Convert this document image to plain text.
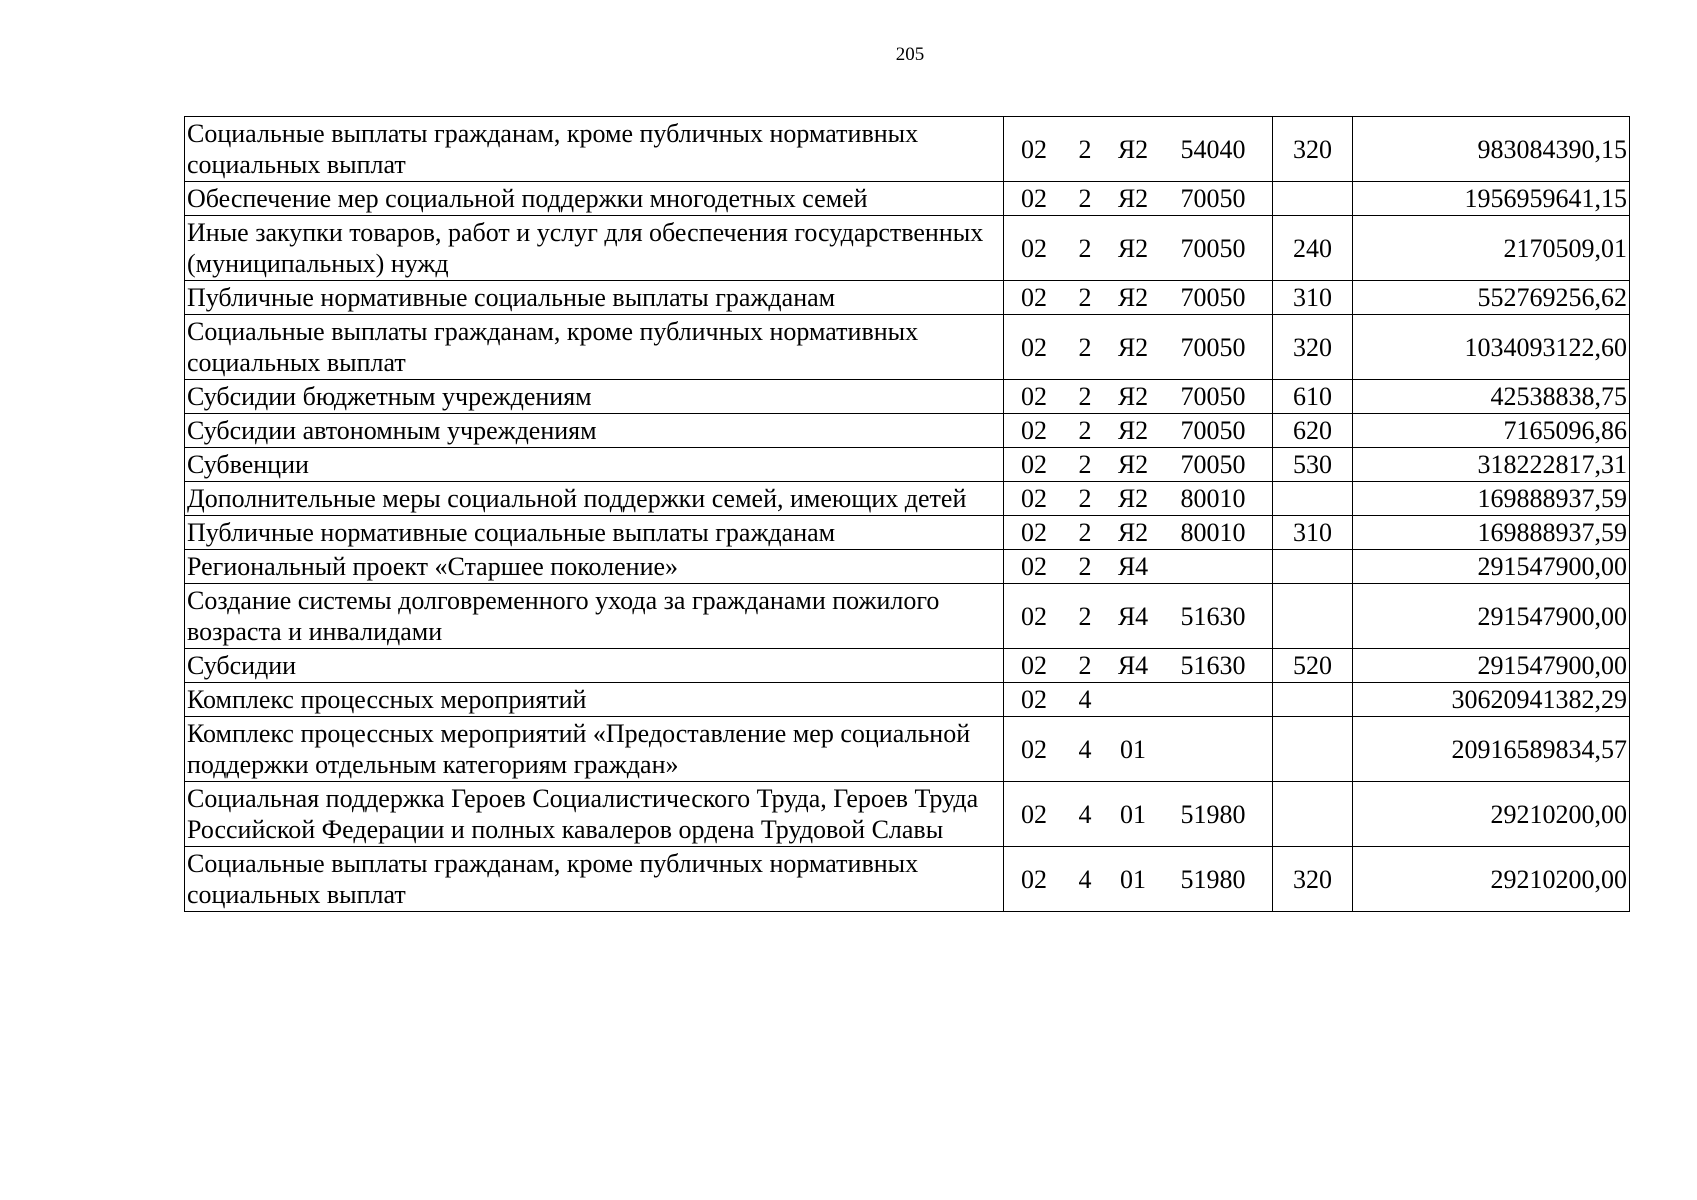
205
Социальные выплаты гражданам, кроме публичных нормативных социальных выплат	02 2 Я2 54040	320	983084390,15
Обеспечение мер социальной поддержки многодетных семей	02 2 Я2 70050		1956959641,15
Иные закупки товаров, работ и услуг для обеспечения государственных (муниципальных) нужд	02 2 Я2 70050	240	2170509,01
Публичные нормативные социальные выплаты гражданам	02 2 Я2 70050	310	552769256,62
Социальные выплаты гражданам, кроме публичных нормативных социальных выплат	02 2 Я2 70050	320	1034093122,60
Субсидии бюджетным учреждениям	02 2 Я2 70050	610	42538838,75
Субсидии автономным учреждениям	02 2 Я2 70050	620	7165096,86
Субвенции	02 2 Я2 70050	530	318222817,31
Дополнительные меры социальной поддержки семей, имеющих детей	02 2 Я2 80010		169888937,59
Публичные нормативные социальные выплаты гражданам	02 2 Я2 80010	310	169888937,59
Региональный проект «Старшее поколение»	02 2 Я4		291547900,00
Создание системы долговременного ухода за гражданами пожилого возраста и инвалидами	02 2 Я4 51630		291547900,00
Субсидии	02 2 Я4 51630	520	291547900,00
Комплекс процессных мероприятий	02 4		30620941382,29
Комплекс процессных мероприятий «Предоставление мер социальной поддержки отдельным категориям граждан»	02 4 01		20916589834,57
Социальная поддержка Героев Социалистического Труда, Героев Труда Российской Федерации и полных кавалеров ордена Трудовой Славы	02 4 01 51980		29210200,00
Социальные выплаты гражданам, кроме публичных нормативных социальных выплат	02 4 01 51980	320	29210200,00
